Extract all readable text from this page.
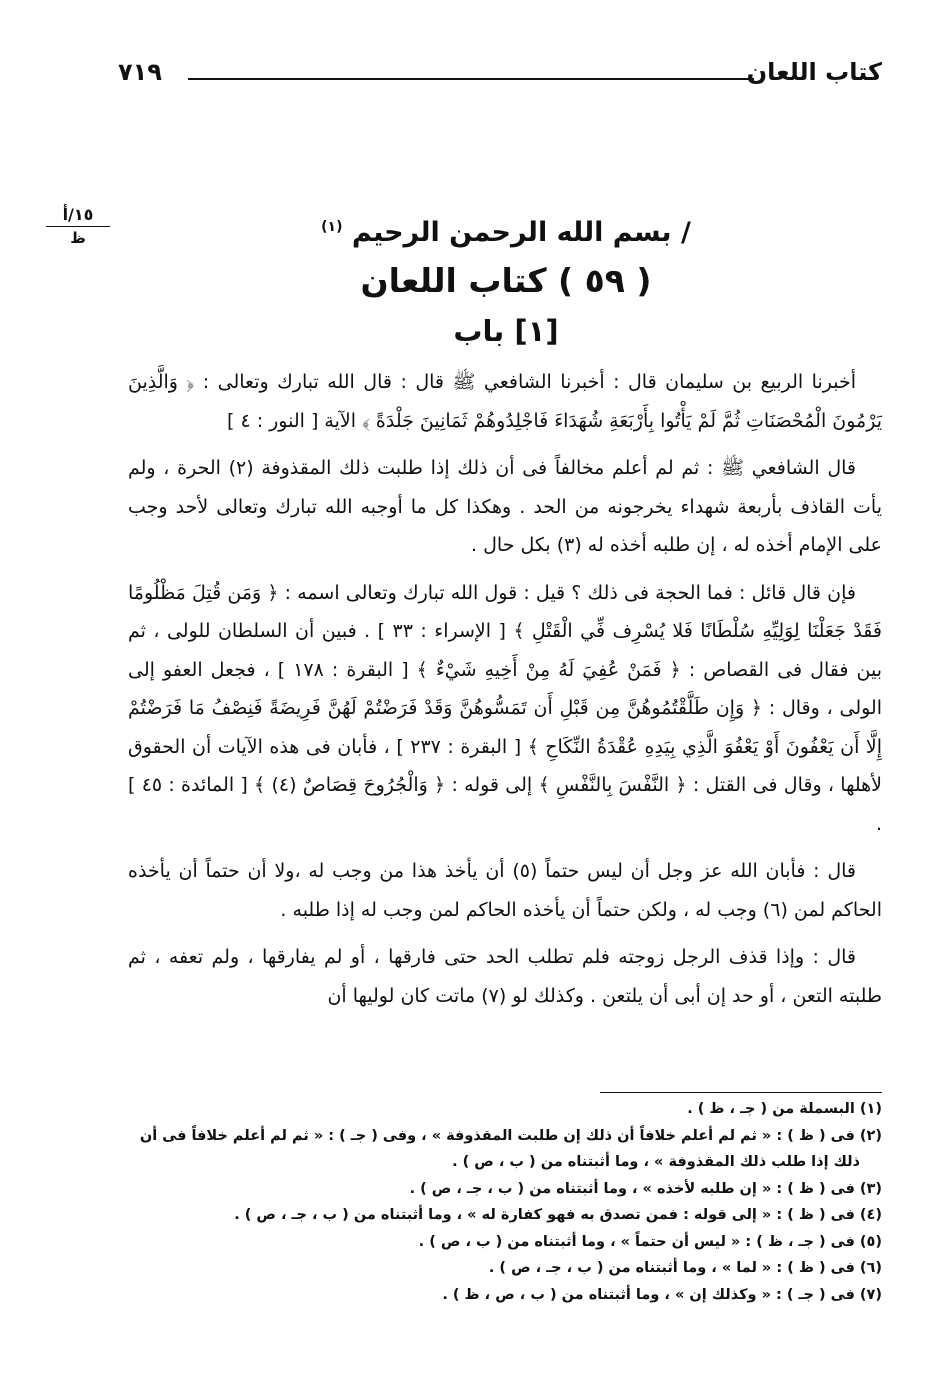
كتاب اللعان
٧١٩
١٥/أ
ظ	/ بسم الله الرحمن الرحيم $^{(١)}$
( ٥٩ ) كتاب اللعان
[١] باب

أخبرنا الربيع بن سليمان قال : أخبرنا الشافعي ﷺ قال : قال الله تبارك وتعالى : ﴿ وَالَّذِينَ يَرْمُونَ الْمُحْصَنَاتِ ثُمَّ لَمْ يَأْتُوا بِأَرْبَعَةِ شُهَدَاءَ فَاجْلِدُوهُمْ ثَمَانِينَ جَلْدَةً ﴾ الآية [ النور : ٤ ]

قال الشافعي ﷺ : ثم لم أعلم مخالفاً فى أن ذلك إذا طلبت ذلك المقذوفة (٢) الحرة ، ولم يأت القاذف بأربعة شهداء يخرجونه من الحد . وهكذا كل ما أوجبه الله تبارك وتعالى لأحد وجب على الإمام أخذه له ، إن طلبه أخذه له (٣) بكل حال .

فإن قال قائل : فما الحجة فى ذلك ؟ قيل : قول الله تبارك وتعالى اسمه : ﴿ وَمَن قُتِلَ مَظْلُومًا فَقَدْ جَعَلْنَا لِوَلِيِّهِ سُلْطَانًا فَلا يُسْرِف فِّي الْقَتْلِ ﴾ [ الإسراء : ٣٣ ] . فبين أن السلطان للولى ، ثم بين فقال فى القصاص : ﴿ فَمَنْ عُفِيَ لَهُ مِنْ أَخِيهِ شَيْءٌ ﴾ [ البقرة : ١٧٨ ] ، فجعل العفو إلى الولى ، وقال : ﴿ وَإِن طَلَّقْتُمُوهُنَّ مِن قَبْلِ أَن تَمَسُّوهُنَّ وَقَدْ فَرَضْتُمْ لَهُنَّ فَرِيضَةً فَنِصْفُ مَا فَرَضْتُمْ إِلَّا أَن يَعْفُونَ أَوْ يَعْفُوَ الَّذِي بِيَدِهِ عُقْدَةُ النِّكَاحِ ﴾ [ البقرة : ٢٣٧ ] ، فأبان فى هذه الآيات أن الحقوق لأهلها ، وقال فى القتل : ﴿ النَّفْسَ بِالنَّفْسِ ﴾ إلى قوله : ﴿ وَالْجُرُوحَ قِصَاصٌ (٤) ﴾ [ المائدة : ٤٥ ] .

قال : فأبان الله عز وجل أن ليس حتماً (٥) أن يأخذ هذا من وجب له ،ولا أن حتماً أن يأخذه الحاكم لمن (٦) وجب له ، ولكن حتماً أن يأخذه الحاكم لمن وجب له إذا طلبه .

قال : وإذا قذف الرجل زوجته فلم تطلب الحد حتى فارقها ، أو لم يفارقها ، ولم تعفه ، ثم طلبته التعن ، أو حد إن أبى أن يلتعن . وكذلك لو (٧) ماتت كان لوليها أن

(١) البسملة من ( جـ ، ظ ) .
(٢) فى ( ظ ) : « ثم لم أعلم خلافاً أن ذلك إن طلبت المقذوفة » ، وفى ( جـ ) : « ثم لم أعلم خلافاً فى أن
ذلك إذا طلب ذلك المقذوفة » ، وما أثبتناه من ( ب ، ص ) .
(٣) فى ( ظ ) : « إن طلبه لأخذه » ، وما أثبتناه من ( ب ، جـ ، ص ) .
(٤) فى ( ظ ) : « إلى قوله : فمن تصدق به فهو كفارة له » ، وما أثبتناه من ( ب ، جـ ، ص ) .
(٥) فى ( جـ ، ظ ) : « ليس أن حتماً » ، وما أثبتناه من ( ب ، ص ) .
(٦) فى ( ظ ) : « لما » ، وما أثبتناه من ( ب ، جـ ، ص ) .
(٧) فى ( جـ ) : « وكذلك إن » ، وما أثبتناه من ( ب ، ص ، ظ ) .
